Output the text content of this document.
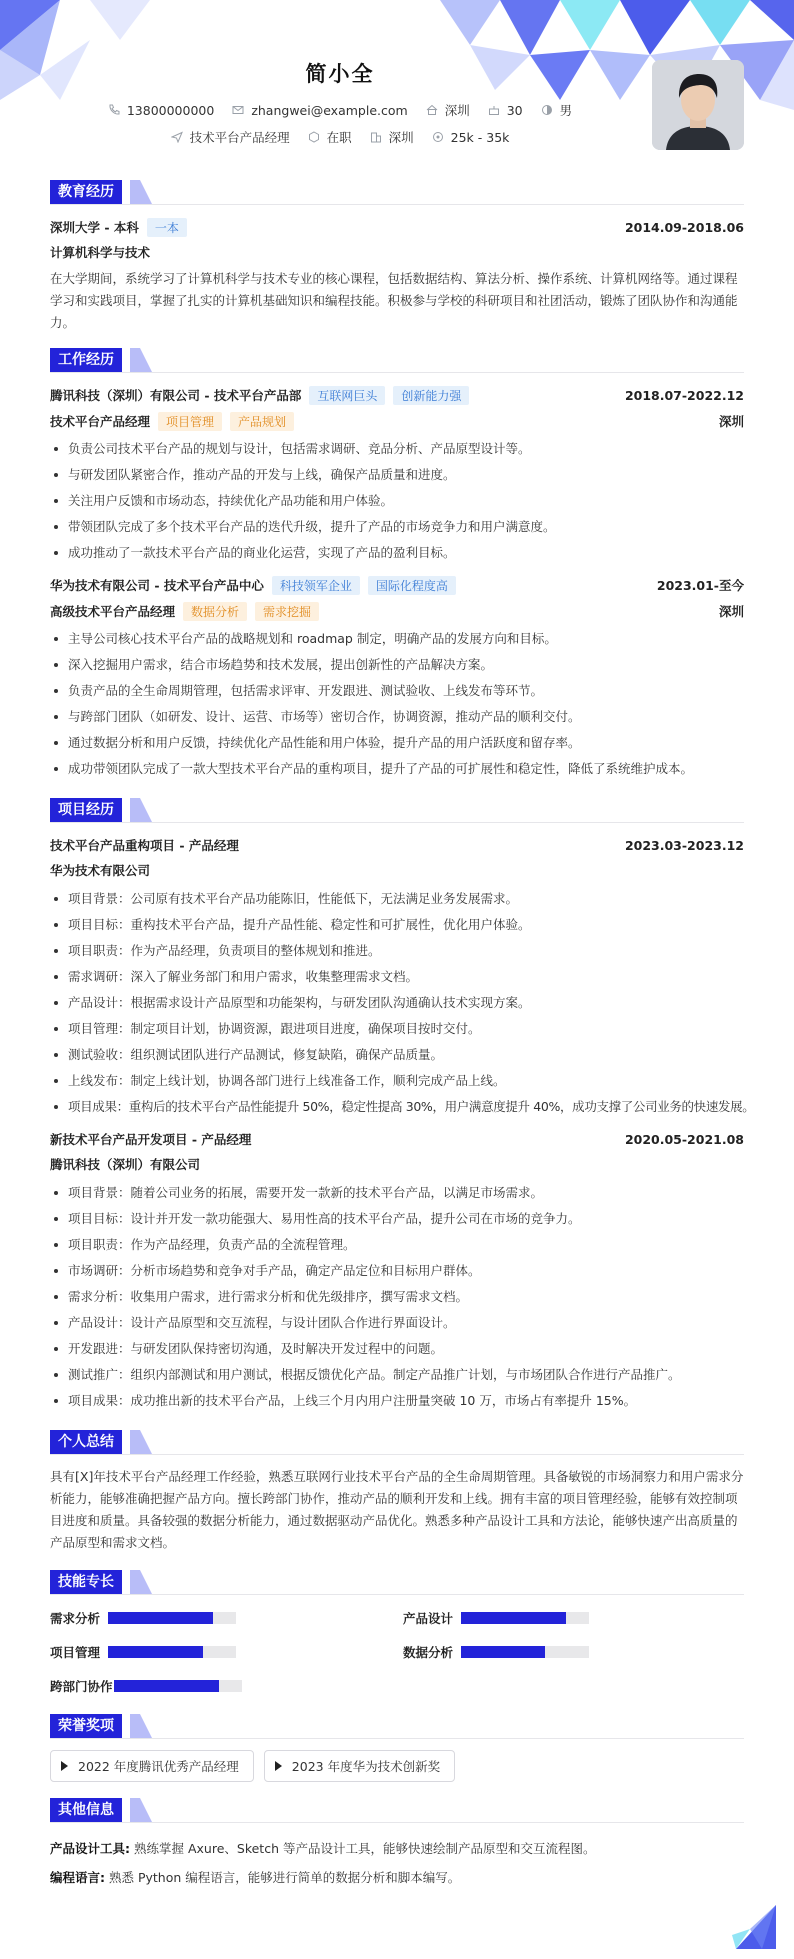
简小全
13800000000	zhangwei@example.com	深圳	30	男
技术平台产品经理	在职	深圳	25k - 35k
教育经历
深圳大学 - 本科	一本	2014.09-2018.06
计算机科学与技术
在大学期间，系统学习了计算机科学与技术专业的核心课程，包括数据结构、算法分析、操作系统、计算机网络等。通过课程学习和实践项目，掌握了扎实的计算机基础知识和编程技能。积极参与学校的科研项目和社团活动，锻炼了团队协作和沟通能力。
工作经历
腾讯科技（深圳）有限公司 - 技术平台产品部	互联网巨头	创新能力强	2018.07-2022.12
技术平台产品经理	项目管理	产品规划	深圳
负责公司技术平台产品的规划与设计，包括需求调研、竞品分析、产品原型设计等。
与研发团队紧密合作，推动产品的开发与上线，确保产品质量和进度。
关注用户反馈和市场动态，持续优化产品功能和用户体验。
带领团队完成了多个技术平台产品的迭代升级，提升了产品的市场竞争力和用户满意度。
成功推动了一款技术平台产品的商业化运营，实现了产品的盈利目标。
华为技术有限公司 - 技术平台产品中心	科技领军企业	国际化程度高	2023.01-至今
高级技术平台产品经理	数据分析	需求挖掘	深圳
主导公司核心技术平台产品的战略规划和 roadmap 制定，明确产品的发展方向和目标。
深入挖掘用户需求，结合市场趋势和技术发展，提出创新性的产品解决方案。
负责产品的全生命周期管理，包括需求评审、开发跟进、测试验收、上线发布等环节。
与跨部门团队（如研发、设计、运营、市场等）密切合作，协调资源，推动产品的顺利交付。
通过数据分析和用户反馈，持续优化产品性能和用户体验，提升产品的用户活跃度和留存率。
成功带领团队完成了一款大型技术平台产品的重构项目，提升了产品的可扩展性和稳定性，降低了系统维护成本。
项目经历
技术平台产品重构项目 - 产品经理	2023.03-2023.12
华为技术有限公司
项目背景：公司原有技术平台产品功能陈旧，性能低下，无法满足业务发展需求。
项目目标：重构技术平台产品，提升产品性能、稳定性和可扩展性，优化用户体验。
项目职责：作为产品经理，负责项目的整体规划和推进。
需求调研：深入了解业务部门和用户需求，收集整理需求文档。
产品设计：根据需求设计产品原型和功能架构，与研发团队沟通确认技术实现方案。
项目管理：制定项目计划，协调资源，跟进项目进度，确保项目按时交付。
测试验收：组织测试团队进行产品测试，修复缺陷，确保产品质量。
上线发布：制定上线计划，协调各部门进行上线准备工作，顺利完成产品上线。
项目成果：重构后的技术平台产品性能提升 50%，稳定性提高 30%，用户满意度提升 40%，成功支撑了公司业务的快速发展。
新技术平台产品开发项目 - 产品经理	2020.05-2021.08
腾讯科技（深圳）有限公司
项目背景：随着公司业务的拓展，需要开发一款新的技术平台产品，以满足市场需求。
项目目标：设计并开发一款功能强大、易用性高的技术平台产品，提升公司在市场的竞争力。
项目职责：作为产品经理，负责产品的全流程管理。
市场调研：分析市场趋势和竞争对手产品，确定产品定位和目标用户群体。
需求分析：收集用户需求，进行需求分析和优先级排序，撰写需求文档。
产品设计：设计产品原型和交互流程，与设计团队合作进行界面设计。
开发跟进：与研发团队保持密切沟通，及时解决开发过程中的问题。
测试推广：组织内部测试和用户测试，根据反馈优化产品。制定产品推广计划，与市场团队合作进行产品推广。
项目成果：成功推出新的技术平台产品，上线三个月内用户注册量突破 10 万，市场占有率提升 15%。
个人总结
具有[X]年技术平台产品经理工作经验，熟悉互联网行业技术平台产品的全生命周期管理。具备敏锐的市场洞察力和用户需求分析能力，能够准确把握产品方向。擅长跨部门协作，推动产品的顺利开发和上线。拥有丰富的项目管理经验，能够有效控制项目进度和质量。具备较强的数据分析能力，通过数据驱动产品优化。熟悉多种产品设计工具和方法论，能够快速产出高质量的产品原型和需求文档。
技能专长
需求分析	产品设计
项目管理	数据分析
跨部门协作
荣誉奖项
2022 年度腾讯优秀产品经理	2023 年度华为技术创新奖
其他信息
产品设计工具: 熟练掌握 Axure、Sketch 等产品设计工具，能够快速绘制产品原型和交互流程图。
编程语言: 熟悉 Python 编程语言，能够进行简单的数据分析和脚本编写。
